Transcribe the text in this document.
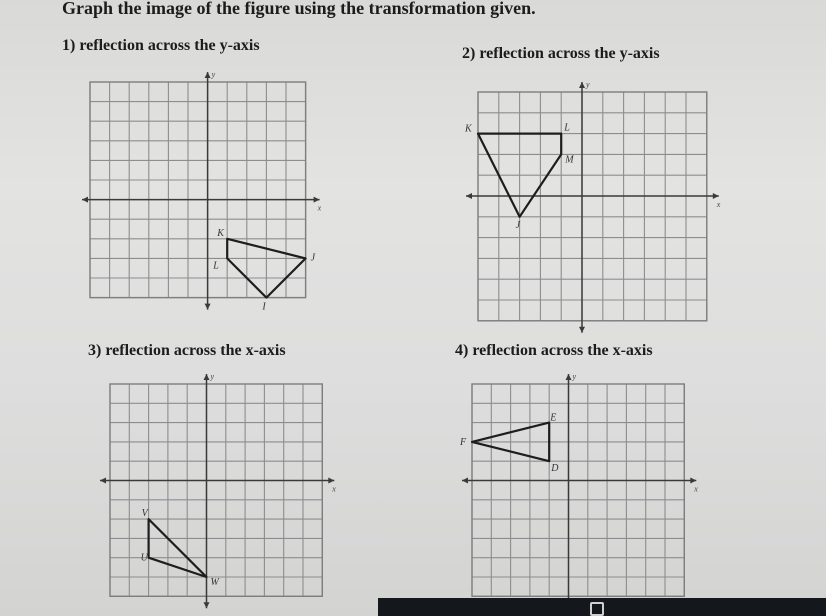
Graph the image of the figure using the transformation given.
1) reflection across the y-axis	2) reflection across the y-axis
3) reflection across the x-axis	4) reflection across the x-axis
x
y
K
J
I
L
x
y
K	L
M
J
x
y
V
W
U
x
y
E
D
F
